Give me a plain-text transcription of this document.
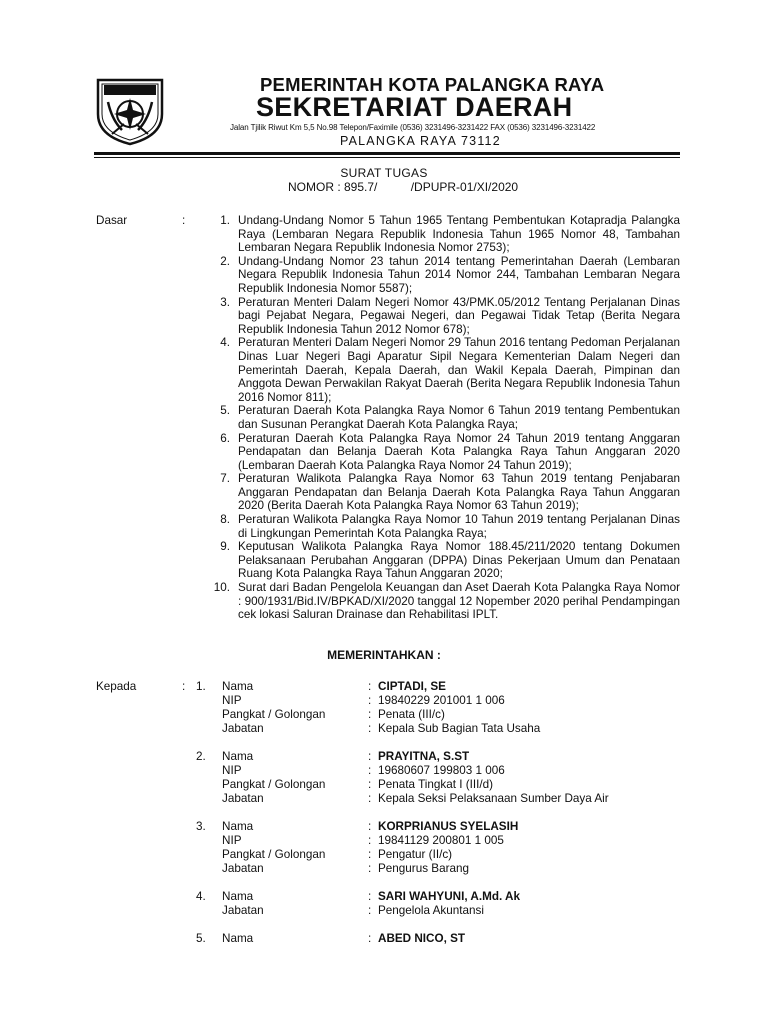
PEMERINTAH KOTA PALANGKA RAYA
SEKRETARIAT DAERAH
Jalan Tjilik Riwut Km 5,5 No.98 Telepon/Faximile (0536) 3231496-3231422 FAX (0536) 3231496-3231422
PALANGKA RAYA 73112
SURAT TUGAS
NOMOR : 895.7/          /DPUPR-01/XI/2020
Dasar	:	1. Undang-Undang Nomor 5 Tahun 1965 Tentang Pembentukan Kotapradja Palangka Raya (Lembaran Negara Republik Indonesia Tahun 1965 Nomor 48, Tambahan Lembaran Negara Republik Indonesia Nomor 2753);
2. Undang-Undang Nomor 23 tahun 2014 tentang Pemerintahan Daerah (Lembaran Negara Republik Indonesia Tahun 2014 Nomor 244, Tambahan Lembaran Negara Republik Indonesia Nomor 5587);
3. Peraturan Menteri Dalam Negeri Nomor 43/PMK.05/2012 Tentang Perjalanan Dinas bagi Pejabat Negara, Pegawai Negeri, dan Pegawai Tidak Tetap (Berita Negara Republik Indonesia Tahun 2012 Nomor 678);
4. Peraturan Menteri Dalam Negeri Nomor 29 Tahun 2016 tentang Pedoman Perjalanan Dinas Luar Negeri Bagi Aparatur Sipil Negara Kementerian Dalam Negeri dan Pemerintah Daerah, Kepala Daerah, dan Wakil Kepala Daerah, Pimpinan dan Anggota Dewan Perwakilan Rakyat Daerah (Berita Negara Republik Indonesia Tahun 2016 Nomor 811);
5. Peraturan Daerah Kota Palangka Raya Nomor 6 Tahun 2019 tentang Pembentukan dan Susunan Perangkat Daerah Kota Palangka Raya;
6. Peraturan Daerah Kota Palangka Raya Nomor 24 Tahun 2019 tentang Anggaran Pendapatan dan Belanja Daerah Kota Palangka Raya Tahun Anggaran 2020 (Lembaran Daerah Kota Palangka Raya Nomor 24 Tahun 2019);
7. Peraturan Walikota Palangka Raya Nomor 63 Tahun 2019 tentang Penjabaran Anggaran Pendapatan dan Belanja Daerah Kota Palangka Raya Tahun Anggaran 2020 (Berita Daerah Kota Palangka Raya Nomor 63 Tahun 2019);
8. Peraturan Walikota Palangka Raya Nomor 10 Tahun 2019 tentang Perjalanan Dinas di Lingkungan Pemerintah Kota Palangka Raya;
9. Keputusan Walikota Palangka Raya Nomor 188.45/211/2020 tentang Dokumen Pelaksanaan Perubahan Anggaran (DPPA) Dinas Pekerjaan Umum dan Penataan Ruang Kota Palangka Raya Tahun Anggaran 2020;
10. Surat dari Badan Pengelola Keuangan dan Aset Daerah Kota Palangka Raya Nomor : 900/1931/Bid.IV/BPKAD/XI/2020 tanggal 12 Nopember 2020 perihal Pendampingan cek lokasi Saluran Drainase dan Rehabilitasi IPLT.
MEMERINTAHKAN :
Kepada	: 1.	Nama	: CIPTADI, SE
NIP	: 19840229 201001 1 006
Pangkat / Golongan	: Penata (III/c)
Jabatan	: Kepala Sub Bagian Tata Usaha
2.	Nama	: PRAYITNA, S.ST
NIP	: 19680607 199803 1 006
Pangkat / Golongan	: Penata Tingkat I (III/d)
Jabatan	: Kepala Seksi Pelaksanaan Sumber Daya Air
3.	Nama	: KORPRIANUS SYELASIH
NIP	: 19841129 200801 1 005
Pangkat / Golongan	: Pengatur (II/c)
Jabatan	: Pengurus Barang
4.	Nama	: SARI WAHYUNI, A.Md. Ak
Jabatan	: Pengelola Akuntansi
5.	Nama	: ABED NICO, ST
